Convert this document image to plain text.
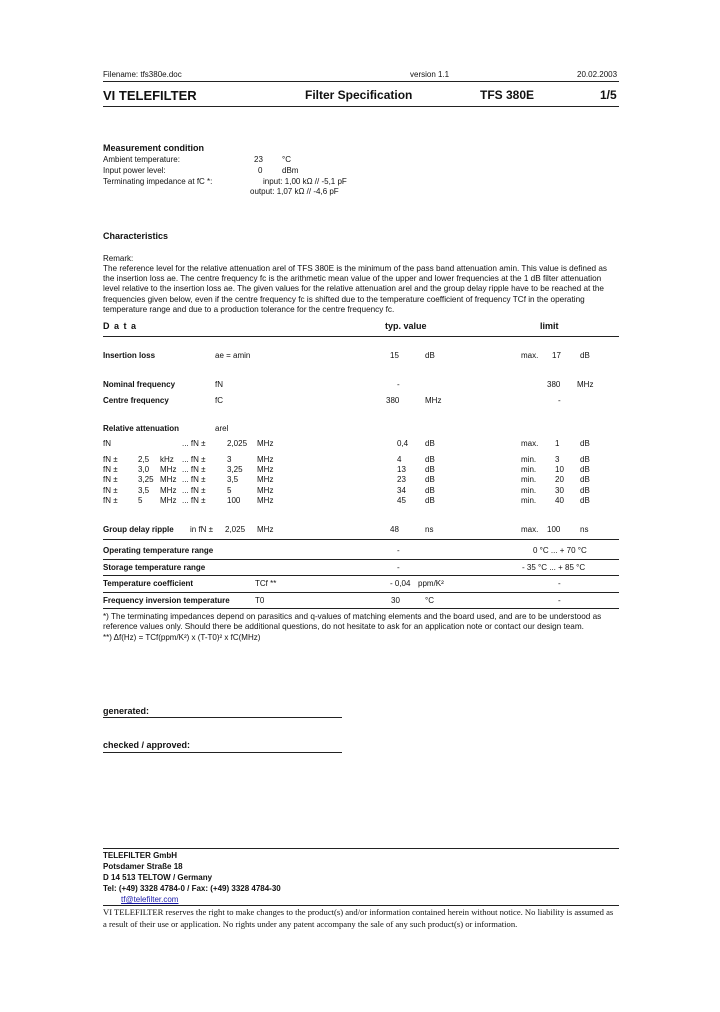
Filename: tfs380e.doc	version 1.1	20.02.2003
VI TELEFILTER	Filter Specification	TFS 380E	1/5
Measurement condition
Ambient temperature:	23 °C
Input power level:	0 dBm
Terminating impedance at fC *:	input: 1,00 kΩ // -5,1 pF
output: 1,07 kΩ // -4,6 pF
Characteristics
Remark:
The reference level for the relative attenuation arel of TFS 380E is the minimum of the pass band attenuation amin. This value is defined as the insertion loss ae. The centre frequency fc is the arithmetic mean value of the upper and lower frequencies at the 1 dB filter attenuation level relative to the insertion loss ae. The given values for the relative attenuation arel and the group delay ripple have to be reached at the frequencies given below, even if the centre frequency fc is shifted due to the temperature coefficient of frequency TCf in the operating temperature range and due to a production tolerance for the centre frequency fc.
D a t a	typ. value	limit
Insertion loss	ae = amin	15	dB	max. 17 dB
Nominal frequency	fN	-	380 MHz
Centre frequency	fC	380	MHz	-
Relative attenuation	arel
fN	... fN ±	2,025 MHz	0,4 dB	max. 1	dB
fN ±	2,5 kHz ... fN ±	3	MHz	4	dB	min. 3	dB
fN ±	3,0 MHz ... fN ±	3,25 MHz	13 dB	min. 10 dB
fN ±	3,25 MHz ... fN ±	3,5 MHz	23 dB	min. 20 dB
fN ±	3,5 MHz ... fN ±	5	MHz	34 dB	min. 30 dB
fN ±	5 MHz ... fN ±	100 MHz	45 dB	min. 40 dB
Group delay ripple in fN ± 2,025 MHz	48	ns	max. 100 ns
Operating temperature range	-	0 °C ... + 70 °C
Storage temperature range	-	- 35 °C ... + 85 °C
Temperature coefficient	TCf **	- 0,04 ppm/K²	-
Frequency inversion temperature	T0	30	°C	-
*) The terminating impedances depend on parasitics and q-values of matching elements and the board used, and are to be understood as reference values only. Should there be additional questions, do not hesitate to ask for an application note or contact our design team.
**) Δf(Hz) = TCf(ppm/K²) x (T-T0)² x fC(MHz)
generated:
checked / approved:
TELEFILTER GmbH
Potsdamer Straße 18
D 14 513 TELTOW / Germany
Tel: (+49) 3328 4784-0 / Fax: (+49) 3328 4784-30
tf@telefilter.com
VI TELEFILTER reserves the right to make changes to the product(s) and/or information contained herein without notice. No liability is assumed as a result of their use or application. No rights under any patent accompany the sale of any such product(s) or information.
